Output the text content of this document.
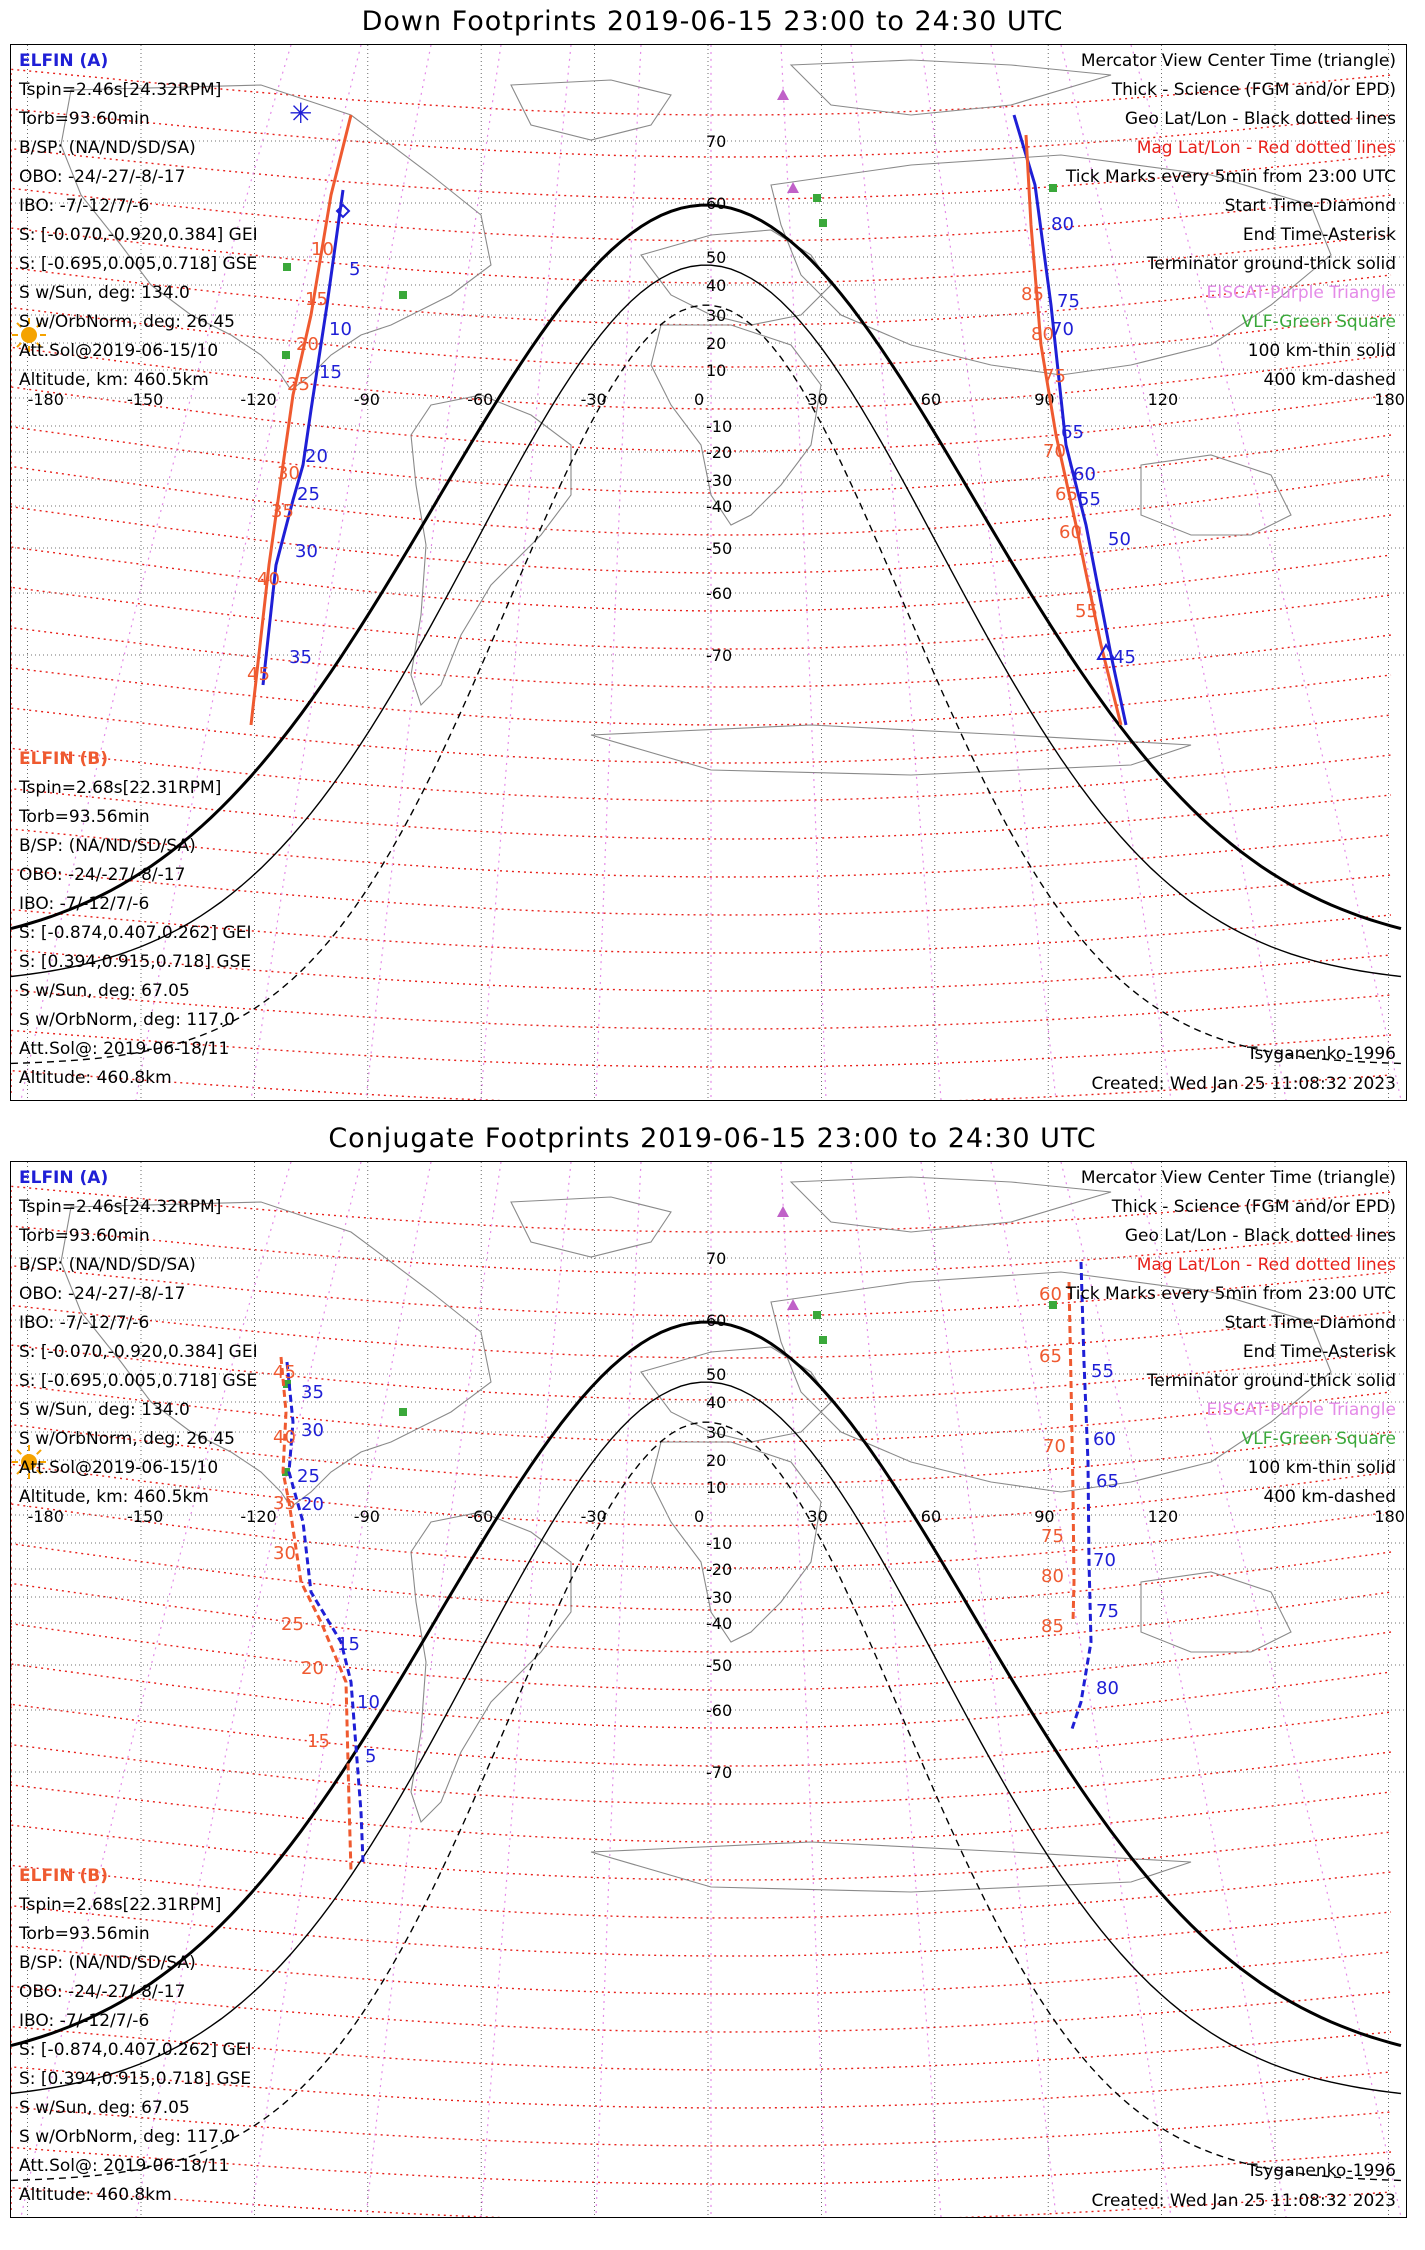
Down Footprints 2019-06-15 23:00 to 24:30 UTC
-180	-150	-120	-90	-60	-30	0	30	60	90	120	180
70
60
50
40
30
20
10
-10
-20
-30
-40
-50
-60
-70
✳
5
10
15
20
25
30
35	45
50
55
60
65
70
75
80
10
15
20
25
30
35
40
45
55
60
65
70
75
80
85
ELFIN (A)
Tspin=2.46s[24.32RPM]
Torb=93.60min
B/SP: (NA/ND/SD/SA)
OBO: -24/-27/-8/-17
IBO: -7/-12/7/-6
S: [-0.070,-0.920,0.384] GEI
S: [-0.695,0.005,0.718] GSE
S w/Sun, deg: 134.0
S w/OrbNorm, deg: 26.45
Att.Sol@2019-06-15/10
Altitude, km: 460.5km
ELFIN (B)
Tspin=2.68s[22.31RPM]
Torb=93.56min
B/SP: (NA/ND/SD/SA)
OBO: -24/-27/-8/-17
IBO: -7/-12/7/-6
S: [-0.874,0.407,0.262] GEI
S: [0.394,0.915,0.718] GSE
S w/Sun, deg: 67.05
S w/OrbNorm, deg: 117.0
Att.Sol@: 2019-06-18/11
Altitude: 460.8km
Mercator View Center Time (triangle)
Thick - Science (FGM and/or EPD)
Geo Lat/Lon - Black dotted lines
Mag Lat/Lon - Red dotted lines
Tick Marks every 5min from 23:00 UTC
Start Time-Diamond
End Time-Asterisk
Terminator ground-thick solid
EISCAT-Purple Triangle
VLF-Green Square
100 km-thin solid
400 km-dashed
Tsyganenko-1996
Created: Wed Jan 25 11:08:32 2023
Conjugate Footprints 2019-06-15 23:00 to 24:30 UTC
-180	-150	-120	-90	-60	-30	0	30	60	90	120	180
70
60
50
40
30
20
10
-10
-20
-30
-40
-50
-60
-70
5
10
15
20
25
30
35
55
60
65
70
75
80
15
20
25
30
35
40
45
60
65
70
75
80
85
ELFIN (A)
Tspin=2.46s[24.32RPM]
Torb=93.60min
B/SP: (NA/ND/SD/SA)
OBO: -24/-27/-8/-17
IBO: -7/-12/7/-6
S: [-0.070,-0.920,0.384] GEI
S: [-0.695,0.005,0.718] GSE
S w/Sun, deg: 134.0
S w/OrbNorm, deg: 26.45
Att.Sol@2019-06-15/10
Altitude, km: 460.5km
ELFIN (B)
Tspin=2.68s[22.31RPM]
Torb=93.56min
B/SP: (NA/ND/SD/SA)
OBO: -24/-27/-8/-17
IBO: -7/-12/7/-6
S: [-0.874,0.407,0.262] GEI
S: [0.394,0.915,0.718] GSE
S w/Sun, deg: 67.05
S w/OrbNorm, deg: 117.0
Att.Sol@: 2019-06-18/11
Altitude: 460.8km
Mercator View Center Time (triangle)
Thick - Science (FGM and/or EPD)
Geo Lat/Lon - Black dotted lines
Mag Lat/Lon - Red dotted lines
Tick Marks every 5min from 23:00 UTC
Start Time-Diamond
End Time-Asterisk
Terminator ground-thick solid
EISCAT-Purple Triangle
VLF-Green Square
100 km-thin solid
400 km-dashed
Tsyganenko-1996
Created: Wed Jan 25 11:08:32 2023
